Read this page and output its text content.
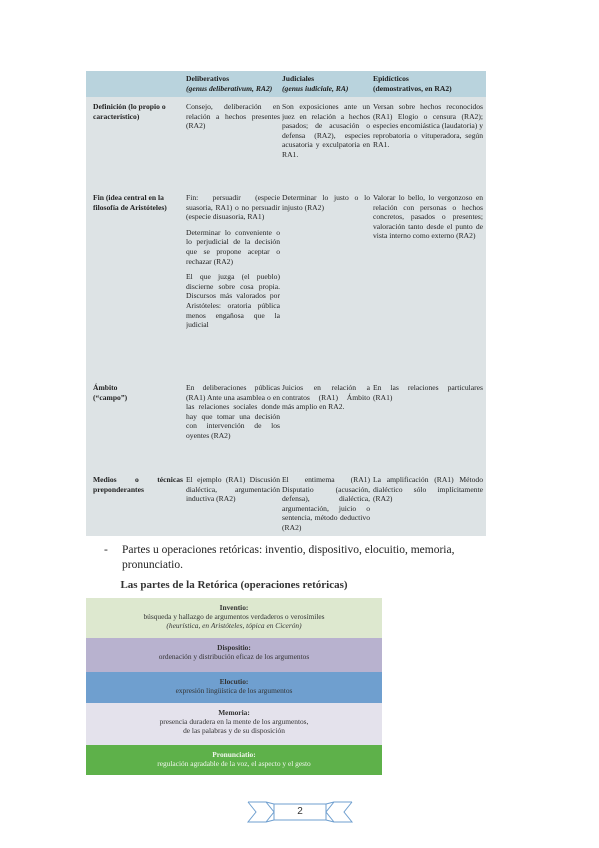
Deliberativos
(genus deliberativum, RA2)
Judiciales
(genus iudiciale, RA)
Epidícticos
(demostrativos, en RA2)
Definición (lo propio o característico)
Consejo, deliberación en relación a hechos presentes (RA2)
Son exposiciones ante un juez en relación a hechos pasados; de acusación o defensa (RA2), especies acusatoria y exculpatoria en RA1.
Versan sobre hechos reconocidos (RA1) Elogio o censura (RA2); especies encomiástica (laudatoria) y reprobatoria o vituperadora, según RA1.
Fin (idea central en la filosofía de Aristóteles)
Fin: persuadir (especie suasoria, RA1) o no persuadir (especie disuasoria, RA1)
Determinar lo conveniente o lo perjudicial de la decisión que se propone aceptar o rechazar (RA2)
El que juzga (el pueblo) discierne sobre cosa propia. Discursos más valorados por Aristóteles: oratoria pública menos engañosa que la judicial
Determinar lo justo o lo injusto (RA2)
Valorar lo bello, lo vergonzoso en relación con personas o hechos concretos, pasados o presentes; valoración tanto desde el punto de vista interno como externo (RA2)
Ámbito (“campo”)
En deliberaciones públicas (RA1) Ante una asamblea o en las relaciones sociales donde hay que tomar una decisión con intervención de los oyentes (RA2)
Juicios en relación a contratos (RA1) Ámbito más amplio en RA2.
En las relaciones particulares (RA1)
Medios o técnicas preponderantes
El ejemplo (RA1) Discusión dialéctica, argumentación inductiva (RA2)
El entimema (RA1) Disputatio (acusación, defensa), dialéctica, argumentación, juicio o sentencia, método deductivo (RA2)
La amplificación (RA1) Método dialéctico sólo implícitamente (RA2)
- Partes u operaciones retóricas: inventio, dispositivo, elocuitio, memoria, pronunciatio.
Las partes de la Retórica (operaciones retóricas)
Inventio:
búsqueda y hallazgo de argumentos verdaderos o verosímiles
(heurística, en Aristóteles, tópica en Cicerón)
Dispositio:
ordenación y distribución eficaz de los argumentos
Elocutio:
expresión lingüística de los argumentos
Memoria:
presencia duradera en la mente de los argumentos,
de las palabras y de su disposición
Pronunciatio:
regulación agradable de la voz, el aspecto y el gesto
2
